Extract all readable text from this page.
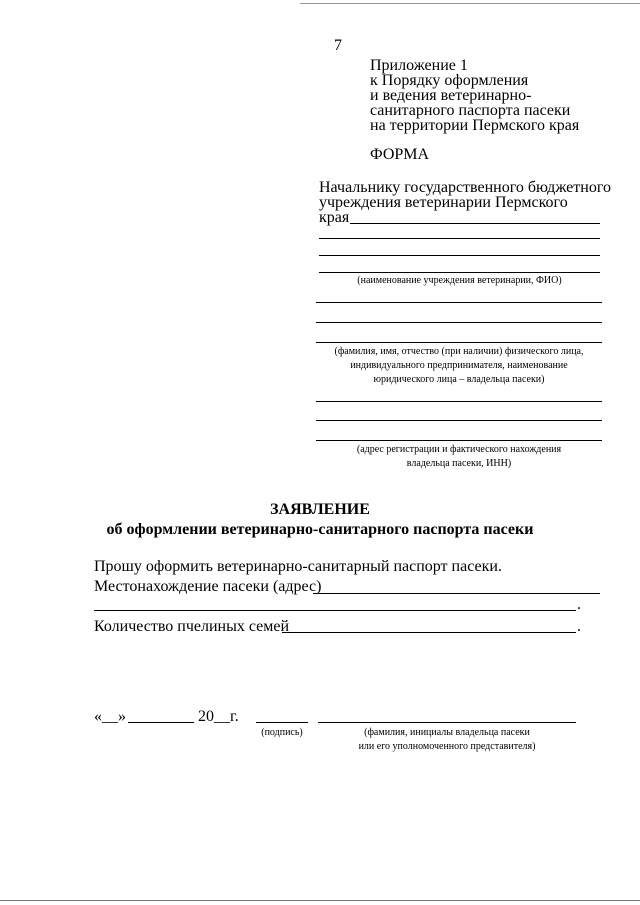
7
Приложение 1
к Порядку оформления
и ведения ветеринарно-
санитарного паспорта пасеки
на территории Пермского края
ФОРМА
Начальнику государственного бюджетного
учреждения ветеринарии Пермского
края
(наименование учреждения ветеринарии, ФИО)
(фамилия, имя, отчество (при наличии) физического лица,
индивидуального предпринимателя, наименование
юридического лица – владельца пасеки)
(адрес регистрации и фактического нахождения
владельца пасеки, ИНН)
ЗАЯВЛЕНИЕ
об оформлении ветеринарно-санитарного паспорта пасеки
Прошу оформить ветеринарно-санитарный паспорт пасеки.
Местонахождение пасеки (адрес)
.
Количество пчелиных семей	.
«__»	20__ г.
(подпись)	(фамилия, инициалы владельца пасеки
или его уполномоченного представителя)
